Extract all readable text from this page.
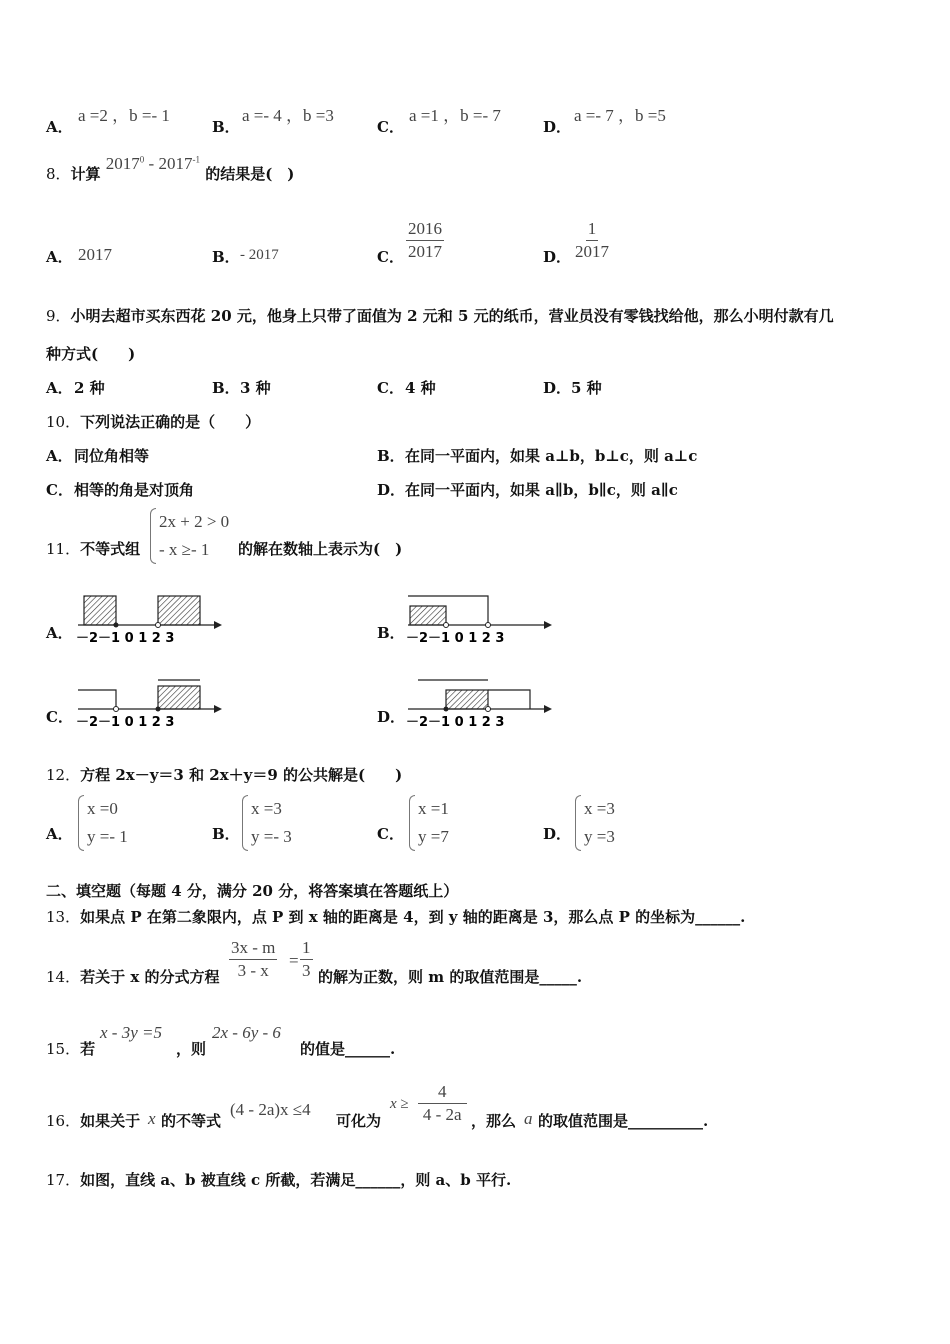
A．
a =2 ，b =- 1
B．
a =- 4 ，b =3
C．
a =1 ，b =- 7
D．
a =- 7 ，b =5
8．计算 $2017^0 - 2017^{-1}$ 的结果是(　)
A． 2017	B． - 2017	C． $\frac{2016}{2017}$	D． $\frac{1}{2017}$
9．小明去超市买东西花 20 元，他身上只带了面值为 2 元和 5 元的纸币，营业员没有零钱找给他，那么小明付款有几
种方式(　　)
A． 2 种	B． 3 种	C． 4 种	D． 5 种
10．下列说法正确的是（　　）
A． 同位角相等	B． 在同一平面内，如果 a⊥b，b⊥c，则 a⊥c
C． 相等的角是对顶角	D． 在同一平面内，如果 a∥b，b∥c，则 a∥c
11．不等式组
2x + 2 > 0
- x ≥- 1	的解在数轴上表示为(　)
A． －2－1 0 1 2 3	B． －2－1 0 1 2 3
C． －2－1 0 1 2 3	D． －2－1 0 1 2 3
12．方程 2x－y＝3 和 2x＋y＝9 的公共解是(　　)
A．
x =0
y =- 1	B．
x =3
y =- 3	C．
x =1
y =7	D．
x =3
y =3
二、填空题（每题 4 分，满分 20 分，将答案填在答题纸上）
13．如果点 P 在第二象限内，点 P 到 x 轴的距离是 4，到 y 轴的距离是 3，那么点 P 的坐标为______.
14．若关于 x 的分式方程 $\frac{3x - m}{3 - x} = \frac{1}{3}$ 的解为正数，则 m 的取值范围是_____.
15．若
x - 3y =5
，则
2x - 6y - 6
的值是______.
16．如果关于 x 的不等式
(4 - 2a)x ≤4
可化为
$x \ge \frac{4}{4 - 2a}$ ，那么 a 的取值范围是__________.
17．如图，直线 a、b 被直线 c 所截，若满足______，则 a、b 平行.
